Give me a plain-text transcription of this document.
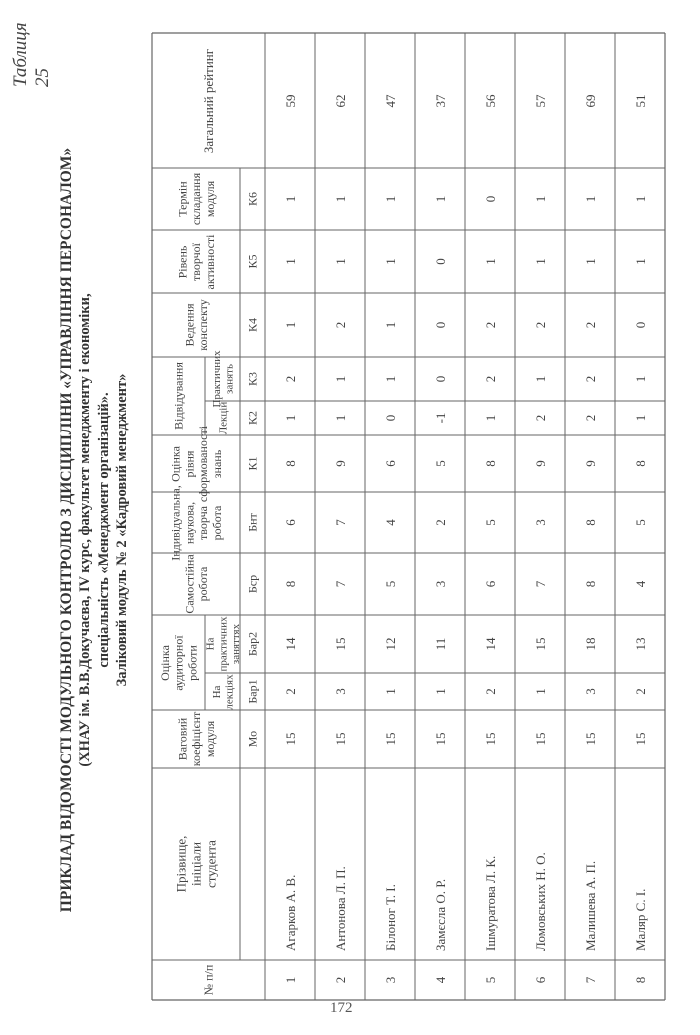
Таблиця 25
ПРИКЛАД ВІДОМОСТІ МОДУЛЬНОГО КОНТРОЛЮ З ДИСЦИПЛІНИ «УПРАВЛІННЯ ПЕРСОНАЛОМ» (ХНАУ ім. В.В.Докучаєва, IV курс, факультет менеджменту і економіки, спеціальність «Менеджмент організацій». Заліковий модуль № 2 «Кадровий менеджмент»
№ п/п
Прізвище, ініціали студента
Ваговий коефіцієнт модуля
Оцінка аудиторної роботи
На лекціях
На практичних заняттях
Самостійна робота
Індивідуальна, наукова, творча робота
Оцінка рівня сформованості знань
Відвідування	Лекцій
Практичних занять
Ведення конспекту
Рівень творчої активності
Термін складання модуля
Загальний рейтинг
Мо
Бар1
Бар2
Бср
Бнт
К1
К2
К3
К4
К5
К6
1
Агарков А. В.
15
2
14
8
6
8
1
2
1
1
1
59
2
Антонова Л. П.
15
3
15
7
7
9
1
1
2
1
1
62
3
Білоног Т. І.
15
1
12
5
4
6
0
1
1
1
1
47
4
Замєсла О. Р.
15
1
11
3
2
5
-1
0
0
0
1
37
5
Ішмуратова Л. К.
15
2
14
6
5
8
1
2
2
1
0
56
6
Ломовських Н. О.
15
1
15
7
3
9
2
1
2
1
1
57
7
Малишева А. П.
15
3
18
8
8
9
2
2
2
1
1
69
8
Маляр С. І.
15
2
13
4
5
8
1
1
0
1
1
51
172
